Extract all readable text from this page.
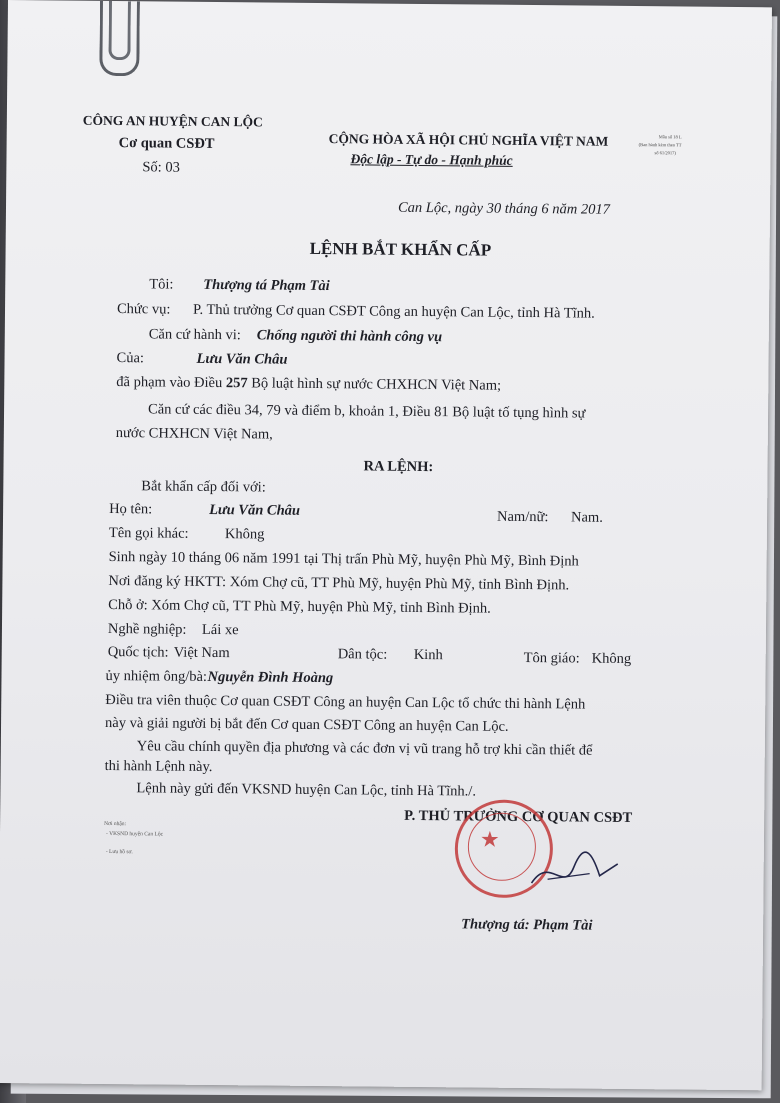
CÔNG AN HUYỆN CAN LỘC
Cơ quan CSĐT
Số: 03
CỘNG HÒA XÃ HỘI CHỦ NGHĨA VIỆT NAM
Độc lập - Tự do - Hạnh phúc
Mẫu số 18 L
(Ban hành kèm theo TT
số 61/2017)
Can Lộc, ngày 30 tháng 6 năm 2017
LỆNH BẮT KHẨN CẤP
Tôi: Thượng tá Phạm Tài
Chức vụ: P. Thủ trưởng Cơ quan CSĐT Công an huyện Can Lộc, tỉnh Hà Tĩnh.
Căn cứ hành vi: Chống người thi hành công vụ
Của:	Lưu Văn Châu
đã phạm vào Điều 257 Bộ luật hình sự nước CHXHCN Việt Nam;
Căn cứ các điều 34, 79 và điểm b, khoản 1, Điều 81 Bộ luật tố tụng hình sự
nước CHXHCN Việt Nam,
RA LỆNH:
Bắt khẩn cấp đối với:
Họ tên:	Lưu Văn Châu	Nam/nữ: Nam.
Tên gọi khác: Không
Sinh ngày 10 tháng 06 năm 1991 tại Thị trấn Phù Mỹ, huyện Phù Mỹ, Bình Định
Nơi đăng ký HKTT: Xóm Chợ cũ, TT Phù Mỹ, huyện Phù Mỹ, tỉnh Bình Định.
Chỗ ở: Xóm Chợ cũ, TT Phù Mỹ, huyện Phù Mỹ, tỉnh Bình Định.
Nghề nghiệp: Lái xe
Quốc tịch: Việt Nam	Dân tộc: Kinh	Tôn giáo: Không
ủy nhiệm ông/bà: Nguyễn Đình Hoàng
Điều tra viên thuộc Cơ quan CSĐT Công an huyện Can Lộc tổ chức thi hành Lệnh
này và giải người bị bắt đến Cơ quan CSĐT Công an huyện Can Lộc.
Yêu cầu chính quyền địa phương và các đơn vị vũ trang hỗ trợ khi cần thiết để
thi hành Lệnh này.
Lệnh này gửi đến VKSND huyện Can Lộc, tỉnh Hà Tĩnh./.
Nơi nhận:
- VKSND huyện Can Lộc
- Lưu hồ sơ.
P. THỦ TRƯỞNG CƠ QUAN CSĐT
★
Thượng tá: Phạm Tài
